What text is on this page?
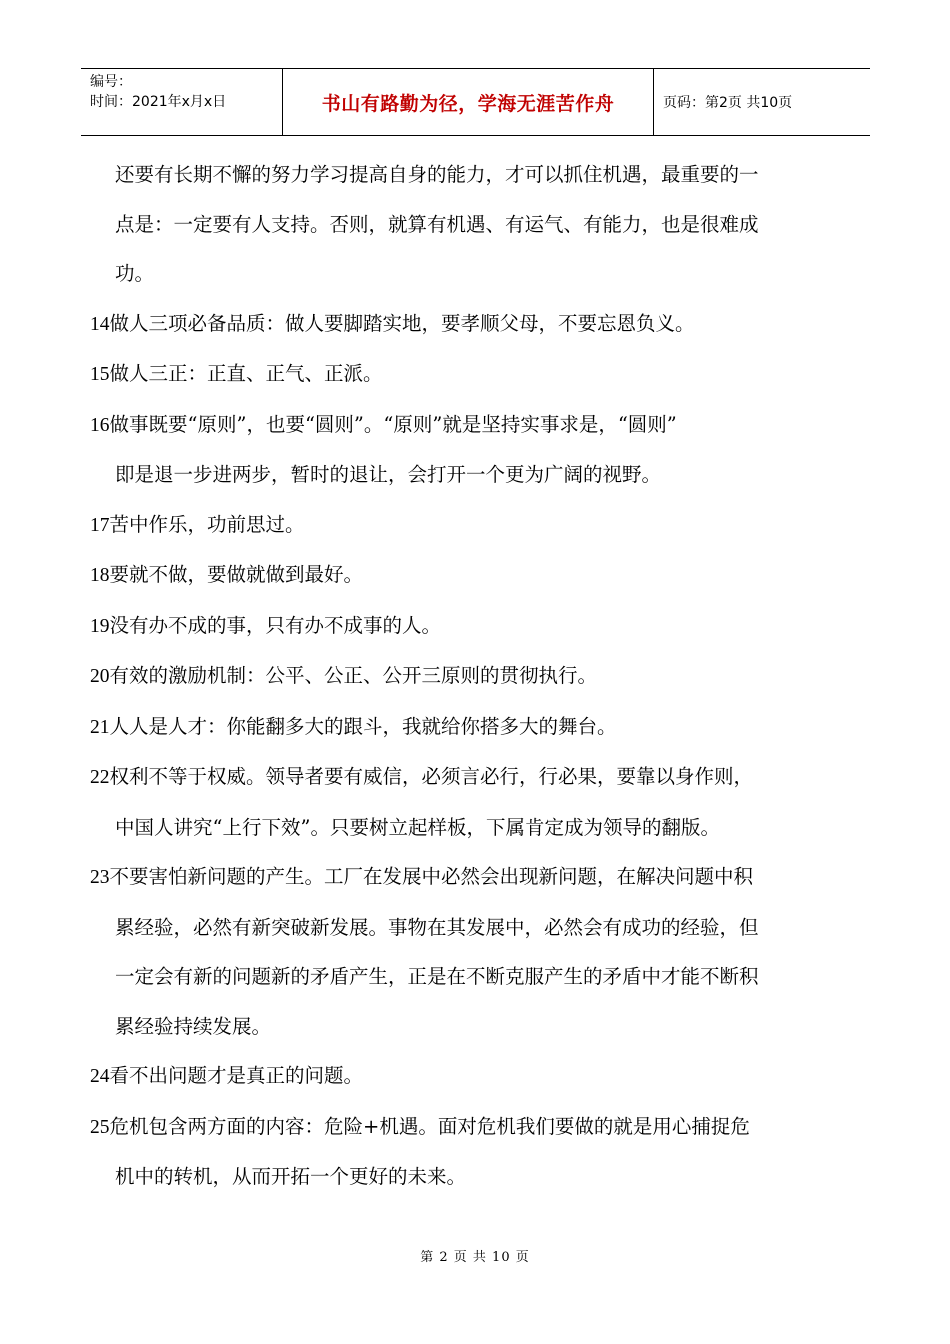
编号：
时间：2021年x月x日	书山有路勤为径，学海无涯苦作舟	页码：第2页 共10页
还要有长期不懈的努力学习提高自身的能力，才可以抓住机遇，最重要的一
点是：一定要有人支持。否则，就算有机遇、有运气、有能力，也是很难成
功。
14做人三项必备品质：做人要脚踏实地，要孝顺父母，不要忘恩负义。
15做人三正：正直、正气、正派。
16做事既要“原则”，也要“圆则”。“原则”就是坚持实事求是，“圆则”
即是退一步进两步，暂时的退让，会打开一个更为广阔的视野。
17苦中作乐，功前思过。
18要就不做，要做就做到最好。
19没有办不成的事，只有办不成事的人。
20有效的激励机制：公平、公正、公开三原则的贯彻执行。
21人人是人才：你能翻多大的跟斗，我就给你搭多大的舞台。
22权利不等于权威。领导者要有威信，必须言必行，行必果，要靠以身作则，
中国人讲究“上行下效”。只要树立起样板，下属肯定成为领导的翻版。
23不要害怕新问题的产生。工厂在发展中必然会出现新问题，在解决问题中积
累经验，必然有新突破新发展。事物在其发展中，必然会有成功的经验，但
一定会有新的问题新的矛盾产生，正是在不断克服产生的矛盾中才能不断积
累经验持续发展。
24看不出问题才是真正的问题。
25危机包含两方面的内容：危险+机遇。面对危机我们要做的就是用心捕捉危
机中的转机，从而开拓一个更好的未来。
第 2 页 共 10 页
